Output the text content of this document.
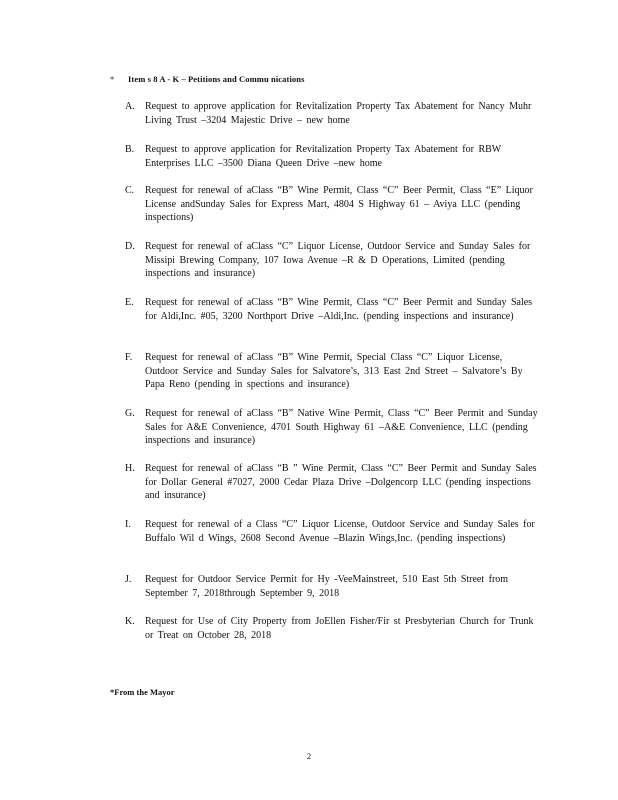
* Item s 8 A - K – Petitions and Commu nications
A.	Request to approve application for Revitalization Property Tax Abatement for Nancy Muhr Living Trust –3204 Majestic Drive – new home
B.	Request to approve application for Revitalization Property Tax Abatement for RBW Enterprises LLC –3500 Diana Queen Drive –new home
C.	Request for renewal of aClass “B” Wine Permit, Class “C” Beer Permit, Class “E” Liquor License andSunday Sales for Express Mart, 4804 S Highway 61 – Aviya LLC (pending inspections)
D.	Request for renewal of aClass “C” Liquor License, Outdoor Service and Sunday Sales for Missipi Brewing Company, 107 Iowa Avenue –R & D Operations, Limited (pending inspections and insurance)
E.	Request for renewal of aClass “B” Wine Permit, Class “C” Beer Permit and Sunday Sales for Aldi,Inc. #05, 3200 Northport Drive –Aldi,Inc. (pending inspections and insurance)
F.	Request for renewal of aClass “B” Wine Permit, Special Class “C” Liquor License, Outdoor Service and Sunday Sales for Salvatore’s, 313 East 2nd Street – Salvatore’s By Papa Reno (pending in spections and insurance)
G.	Request for renewal of aClass “B” Native Wine Permit, Class “C” Beer Permit and Sunday Sales for A&E Convenience, 4701 South Highway 61 –A&E Convenience, LLC (pending inspections and insurance)
H.	Request for renewal of aClass “B ” Wine Permit, Class “C” Beer Permit and Sunday Sales for Dollar General #7027, 2000 Cedar Plaza Drive –Dolgencorp LLC (pending inspections and insurance)
I.	Request for renewal of a Class “C” Liquor License, Outdoor Service and Sunday Sales for Buffalo Wil d Wings, 2608 Second Avenue –Blazin Wings,Inc. (pending inspections)
J.	Request for Outdoor Service Permit for Hy -VeeMainstreet, 510 East 5th Street from September 7, 2018through September 9, 2018
K.	Request for Use of City Property from JoEllen Fisher/Fir st Presbyterian Church for Trunk or Treat on October 28, 2018
*From the Mayor
2
